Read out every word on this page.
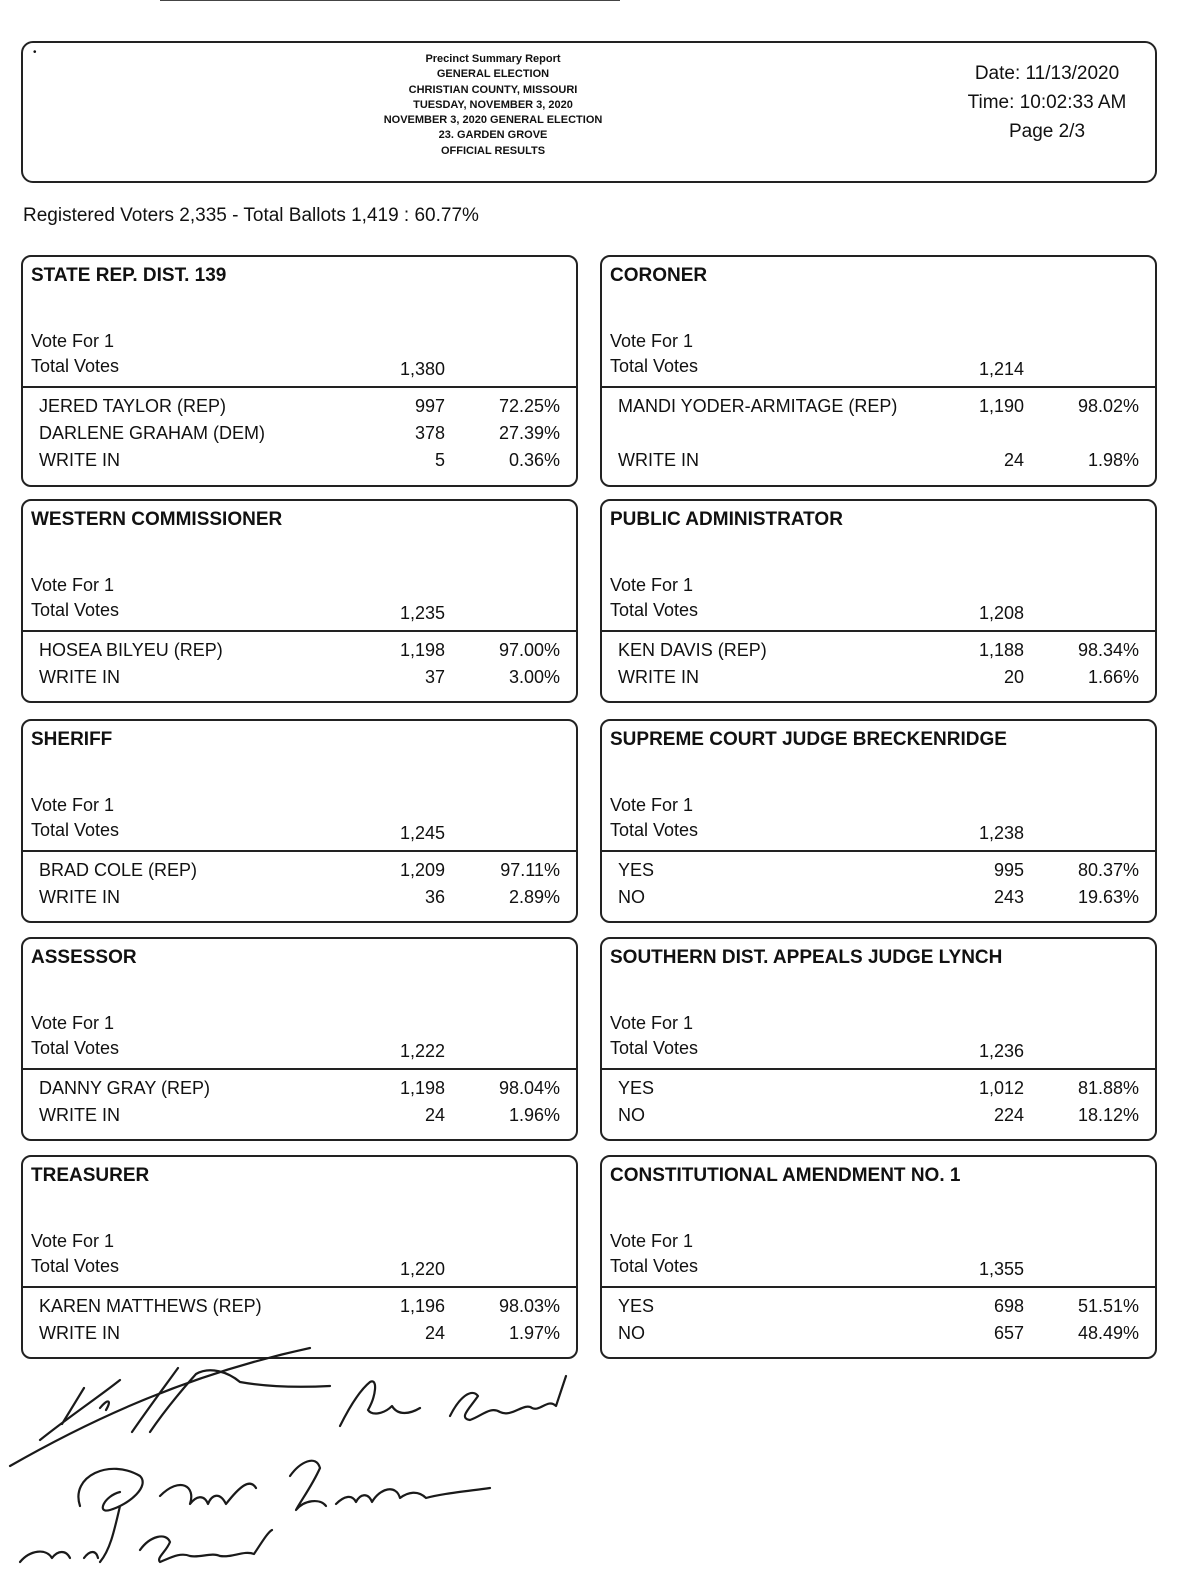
•
Precinct Summary Report
GENERAL ELECTION
CHRISTIAN COUNTY, MISSOURI
TUESDAY, NOVEMBER 3, 2020
NOVEMBER 3, 2020 GENERAL ELECTION
23. GARDEN GROVE
OFFICIAL RESULTS
Date: 11/13/2020
Time: 10:02:33 AM
Page 2/3
Registered Voters 2,335 - Total Ballots 1,419 : 60.77%
STATE REP. DIST. 139
Vote For 1
Total Votes	1,380
JERED TAYLOR (REP)	997	72.25%
DARLENE GRAHAM (DEM)	378	27.39%
WRITE IN	5	0.36%
CORONER
Vote For 1
Total Votes	1,214
MANDI YODER-ARMITAGE (REP)	1,190	98.02%
WRITE IN	24	1.98%
WESTERN COMMISSIONER
Vote For 1
Total Votes	1,235
HOSEA BILYEU (REP)	1,198	97.00%
WRITE IN	37	3.00%
PUBLIC ADMINISTRATOR
Vote For 1
Total Votes	1,208
KEN DAVIS (REP)	1,188	98.34%
WRITE IN	20	1.66%
SHERIFF
Vote For 1
Total Votes	1,245
BRAD COLE (REP)	1,209	97.11%
WRITE IN	36	2.89%
SUPREME COURT JUDGE BRECKENRIDGE
Vote For 1
Total Votes	1,238
YES	995	80.37%
NO	243	19.63%
ASSESSOR
Vote For 1
Total Votes	1,222
DANNY GRAY (REP)	1,198	98.04%
WRITE IN	24	1.96%
SOUTHERN DIST. APPEALS JUDGE LYNCH
Vote For 1
Total Votes	1,236
YES	1,012	81.88%
NO	224	18.12%
TREASURER
Vote For 1
Total Votes	1,220
KAREN MATTHEWS (REP)	1,196	98.03%
WRITE IN	24	1.97%
CONSTITUTIONAL AMENDMENT NO. 1
Vote For 1
Total Votes	1,355
YES	698	51.51%
NO	657	48.49%
